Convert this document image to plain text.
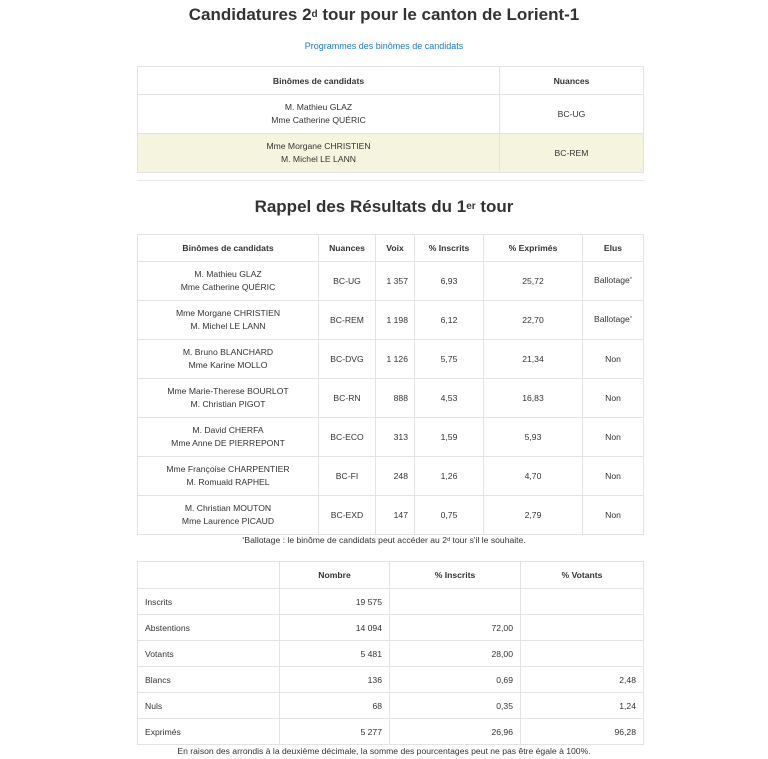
Candidatures 2$^d$ tour pour le canton de Lorient-1
Programmes des binômes de candidats
Binômes de candidats	Nuances

M. Mathieu GLAZ
Mme Catherine QUÉRIC	BC-UG

Mme Morgane CHRISTIEN
M. Michel LE LANN	BC-REM
Rappel des Résultats du 1er tour
Binômes de candidats	Nuances	Voix	% Inscrits	% Exprimés	Elus

M. Mathieu GLAZ
Mme Catherine QUÉRIC	BC-UG	1 357	6,93	25,72	Ballotage*

Mme Morgane CHRISTIEN
M. Michel LE LANN	BC-REM	1 198	6,12	22,70	Ballotage*

M. Bruno BLANCHARD
Mme Karine MOLLO	BC-DVG	1 126	5,75	21,34	Non

Mme Marie-Therese BOURLOT
M. Christian PIGOT	BC-RN	888	4,53	16,83	Non

M. David CHERFA
Mme Anne DE PIERREPONT	BC-ECO	313	1,59	5,93	Non

Mme Françoise CHARPENTIER
M. Romuald RAPHEL	BC-FI	248	1,26	4,70	Non

M. Christian MOUTON
Mme Laurence PICAUD	BC-EXD	147	0,75	2,79	Non
*Ballotage : le binôme de candidats peut accéder au 2$^d$ tour s'il le souhaite.
	Nombre	% Inscrits	% Votants
Inscrits	19 575		
Abstentions	14 094	72,00	
Votants	5 481	28,00	
Blancs	136	0,69	2,48
Nuls	68	0,35	1,24
Exprimés	5 277	26,96	96,28
En raison des arrondis à la deuxième décimale, la somme des pourcentages peut ne pas être égale à 100%.
